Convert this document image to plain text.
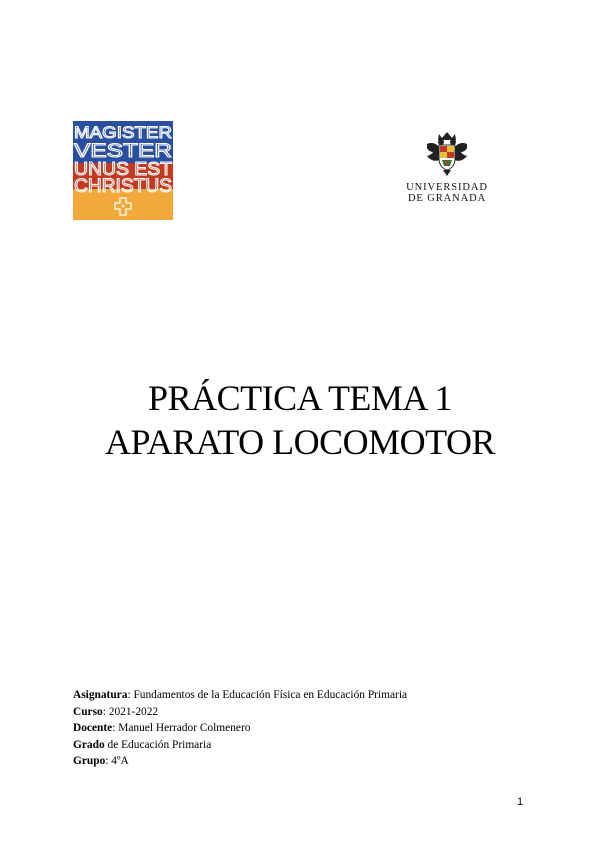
MAGISTER
VESTER
UNUS EST
CHRISTUS	UNIVERSIDAD
DE GRANADA
PRÁCTICA TEMA 1
APARATO LOCOMOTOR
Asignatura: Fundamentos de la Educación Física en Educación Primaria
Curso: 2021-2022
Docente: Manuel Herrador Colmenero
Grado de Educación Primaria
Grupo: 4ºA
1
